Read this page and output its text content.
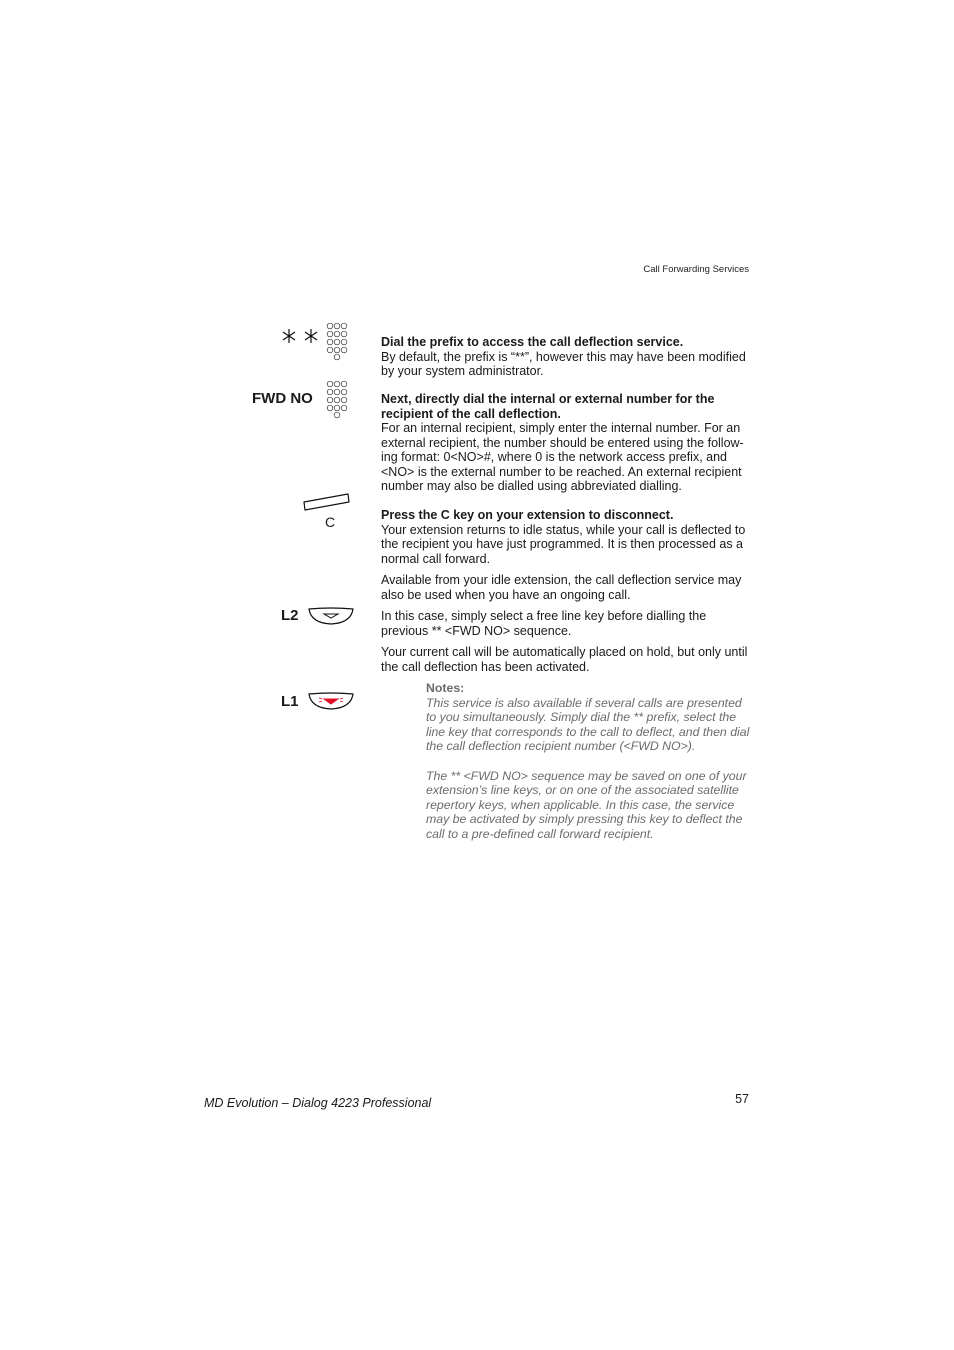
Call Forwarding Services
FWD NO
C
L2
L1
Dial the prefix to access the call deflection service.

By default, the prefix is “**”, however this may have been modified by your system administrator.

Next, directly dial the internal or external number for the recipient of the call deflection.

For an internal recipient, simply enter the internal number. For an external recipient, the number should be entered using the follow-ing format: 0<NO>#, where 0 is the network access prefix, and <NO> is the external number to be reached. An external recipient number may also be dialled using abbreviated dialling.

Press the C key on your extension to disconnect.

Your extension returns to idle status, while your call is deflected to the recipient you have just programmed. It is then processed as a normal call forward.

Available from your idle extension, the call deflection service may also be used when you have an ongoing call.

In this case, simply select a free line key before dialling the previous ** <FWD NO> sequence.

Your current call will be automatically placed on hold, but only until the call deflection has been activated.

Notes:

This service is also available if several calls are presented to you simultaneously. Simply dial the ** prefix, select the line key that corresponds to the call to deflect, and then dial the call deflection recipient number (<FWD NO>).

The ** <FWD NO> sequence may be saved on one of your extension’s line keys, or on one of the associated satellite repertory keys, when applicable. In this case, the service may be activated by simply pressing this key to deflect the call to a pre-defined call forward recipient.

MD Evolution – Dialog 4223 Professional	57
